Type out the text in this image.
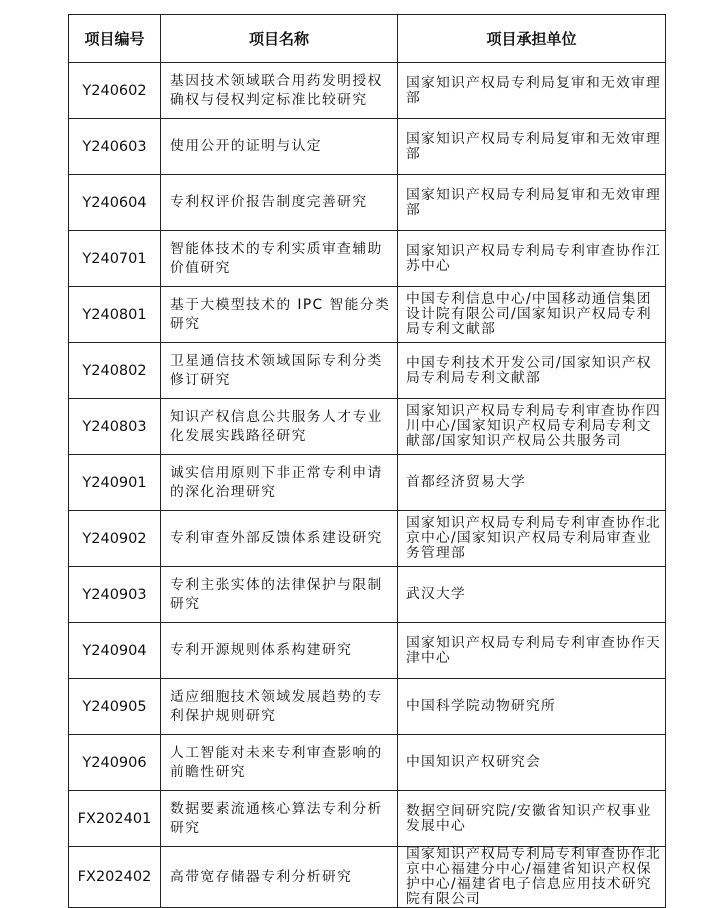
项目编号	项目名称	项目承担单位
Y240602	基因技术领域联合用药发明授权确权与侵权判定标准比较研究	国家知识产权局专利局复审和无效审理部
Y240603	使用公开的证明与认定	国家知识产权局专利局复审和无效审理部
Y240604	专利权评价报告制度完善研究	国家知识产权局专利局复审和无效审理部
Y240701	智能体技术的专利实质审查辅助价值研究	国家知识产权局专利局专利审查协作江苏中心
Y240801	基于大模型技术的 IPC 智能分类研究	中国专利信息中心/中国移动通信集团设计院有限公司/国家知识产权局专利局专利文献部
Y240802	卫星通信技术领域国际专利分类修订研究	中国专利技术开发公司/国家知识产权局专利局专利文献部
Y240803	知识产权信息公共服务人才专业化发展实践路径研究	国家知识产权局专利局专利审查协作四川中心/国家知识产权局专利局专利文献部/国家知识产权局公共服务司
Y240901	诚实信用原则下非正常专利申请的深化治理研究	首都经济贸易大学
Y240902	专利审查外部反馈体系建设研究	国家知识产权局专利局专利审查协作北京中心/国家知识产权局专利局审查业务管理部
Y240903	专利主张实体的法律保护与限制研究	武汉大学
Y240904	专利开源规则体系构建研究	国家知识产权局专利局专利审查协作天津中心
Y240905	适应细胞技术领域发展趋势的专利保护规则研究	中国科学院动物研究所
Y240906	人工智能对未来专利审查影响的前瞻性研究	中国知识产权研究会
FX202401	数据要素流通核心算法专利分析研究	数据空间研究院/安徽省知识产权事业发展中心
FX202402	高带宽存储器专利分析研究	国家知识产权局专利局专利审查协作北京中心福建分中心/福建省知识产权保护中心/福建省电子信息应用技术研究院有限公司
